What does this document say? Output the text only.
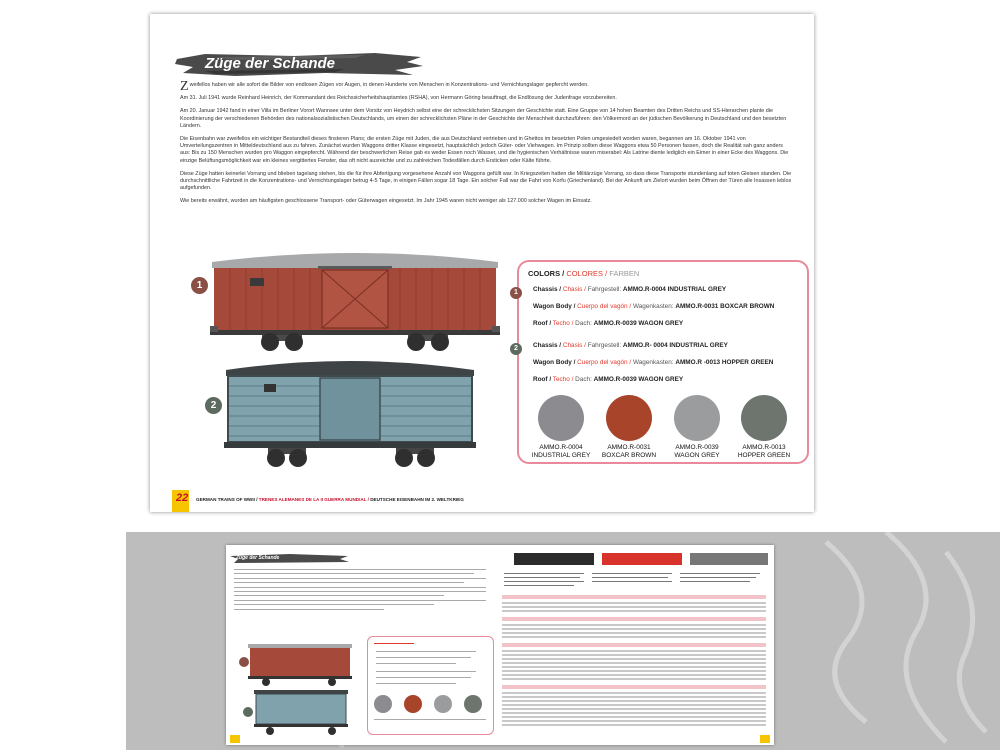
Züge der Schande

Zweifellos haben wir alle sofort die Bilder von endlosen Zügen vor Augen, in denen Hunderte von Menschen in Konzentrations- und Vernichtungslager gepfercht werden.

Am 31. Juli 1941 wurde Reinhard Heinrich, der Kommandant des Reichssicherheitshauptamtes (RSHA), von Hermann Göring beauftragt, die Endlösung der Judenfrage vorzubereiten.

Am 20. Januar 1942 fand in einer Villa im Berliner Vorort Wannsee unter dem Vorsitz von Heydrich selbst eine der schrecklichsten Sitzungen der Geschichte statt. Eine Gruppe von 14 hohen Beamten des Dritten Reichs und SS-Hierarchen plante die Koordinierung der verschiedenen Behörden des nationalsozialistischen Deutschlands, um einen der schrecklichsten Pläne in der Geschichte der Menschheit durchzuführen: den Völkermord an der jüdischen Bevölkerung in Deutschland und den besetzten Ländern.

Die Eisenbahn war zweifellos ein wichtiger Bestandteil dieses finsteren Plans; die ersten Züge mit Juden, die aus Deutschland vertrieben und in Ghettos im besetzten Polen umgesiedelt worden waren, begannen am 16. Oktober 1941 von Umverteilungszentren in Mitteldeutschland aus zu fahren. Zunächst wurden Waggons dritter Klasse eingesetzt, hauptsächlich jedoch Güter- oder Viehwagen. Im Prinzip sollten diese Waggons etwa 50 Personen fassen, doch die Realität sah ganz anders aus: Bis zu 150 Menschen wurden pro Waggon eingepfercht. Während der beschwerlichen Reise gab es weder Essen noch Wasser, und die hygienischen Verhältnisse waren miserabel: Als Latrine diente lediglich ein Eimer in einer Ecke des Waggons. Die einzige Belüftungsmöglichkeit war ein kleines vergittertes Fenster, das oft nicht ausreichte und zu zahlreichen Todesfällen durch Ersticken oder Kälte führte.

Diese Züge hatten keinerlei Vorrang und blieben tagelang stehen, bis die für ihre Abfertigung vorgesehene Anzahl von Waggons gefüllt war. In Kriegszeiten hatten die Militärzüge Vorrang, so dass diese Transporte stundenlang auf toten Gleisen standen. Die durchschnittliche Fahrtzeit in die Konzentrations- und Vernichtungslager betrug 4-5 Tage, in einigen Fällen sogar 18 Tage. Ein solcher Fall war die Fahrt von Korfu (Griechenland). Bei der Ankunft am Zielort wurden beim Öffnen der Türen alle Insassen leblos aufgefunden.

Wie bereits erwähnt, wurden am häufigsten geschlossene Transport- oder Güterwagen eingesetzt. Im Jahr 1945 waren nicht weniger als 127.000 solcher Wagen im Einsatz.

1
2
COLORS / COLORES / FARBEN
Chassis / Chasis / Fahrgestell: AMMO.R-0004 INDUSTRIAL GREY
Wagon Body / Cuerpo del vagón / Wagenkasten: AMMO.R-0031 BOXCAR BROWN
Roof / Techo / Dach: AMMO.R-0039 WAGON GREY
Chassis / Chasis / Fahrgestell: AMMO.R- 0004 INDUSTRIAL GREY
Wagon Body / Cuerpo del vagón / Wagenkasten: AMMO.R -0013 HOPPER GREEN
Roof / Techo / Dach: AMMO.R-0039 WAGON GREY
AMMO.R-0004
INDUSTRIAL GREY
AMMO.R-0031
BOXCAR BROWN
AMMO.R-0039
WAGON GREY
AMMO.R-0013
HOPPER GREEN
1
2
22 GERMAN TRAINS OF WWII / TRENES ALEMANES DE LA II GUERRA MUNDIAL / DEUTSCHE EISENBAHN IM 2. WELTKRIEG
Züge der Schande
